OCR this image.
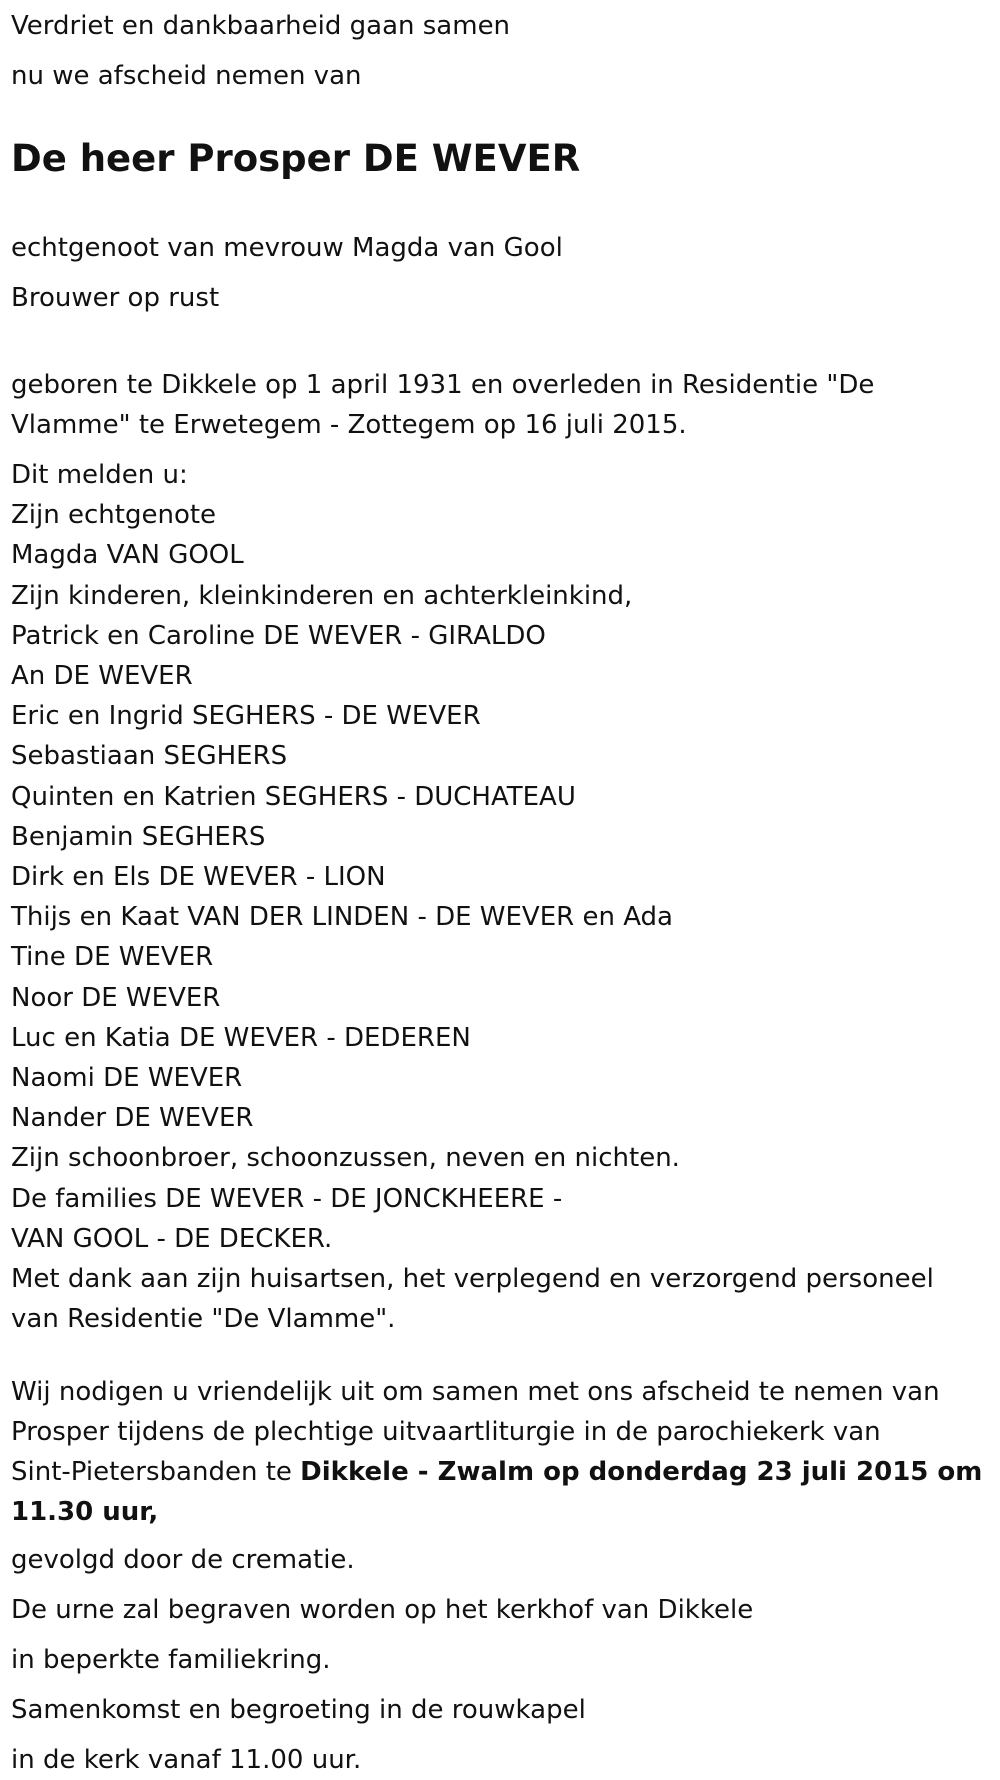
Verdriet en dankbaarheid gaan samen
nu we afscheid nemen van
De heer Prosper DE WEVER
echtgenoot van mevrouw Magda van Gool
Brouwer op rust
geboren te Dikkele op 1 april 1931 en overleden in Residentie "De
Vlamme" te Erwetegem - Zottegem op 16 juli 2015.
Dit melden u:
Zijn echtgenote
Magda VAN GOOL
Zijn kinderen, kleinkinderen en achterkleinkind,
Patrick en Caroline DE WEVER - GIRALDO
An DE WEVER
Eric en Ingrid SEGHERS - DE WEVER
Sebastiaan SEGHERS
Quinten en Katrien SEGHERS - DUCHATEAU
Benjamin SEGHERS
Dirk en Els DE WEVER - LION
Thijs en Kaat VAN DER LINDEN - DE WEVER en Ada
Tine DE WEVER
Noor DE WEVER
Luc en Katia DE WEVER - DEDEREN
Naomi DE WEVER
Nander DE WEVER
Zijn schoonbroer, schoonzussen, neven en nichten.
De families DE WEVER - DE JONCKHEERE -
VAN GOOL - DE DECKER.
Met dank aan zijn huisartsen, het verplegend en verzorgend personeel
van Residentie "De Vlamme".
Wij nodigen u vriendelijk uit om samen met ons afscheid te nemen van
Prosper tijdens de plechtige uitvaartliturgie in de parochiekerk van
Sint-Pietersbanden te Dikkele - Zwalm op donderdag 23 juli 2015 om
11.30 uur,
gevolgd door de crematie.
De urne zal begraven worden op het kerkhof van Dikkele
in beperkte familiekring.
Samenkomst en begroeting in de rouwkapel
in de kerk vanaf 11.00 uur.
